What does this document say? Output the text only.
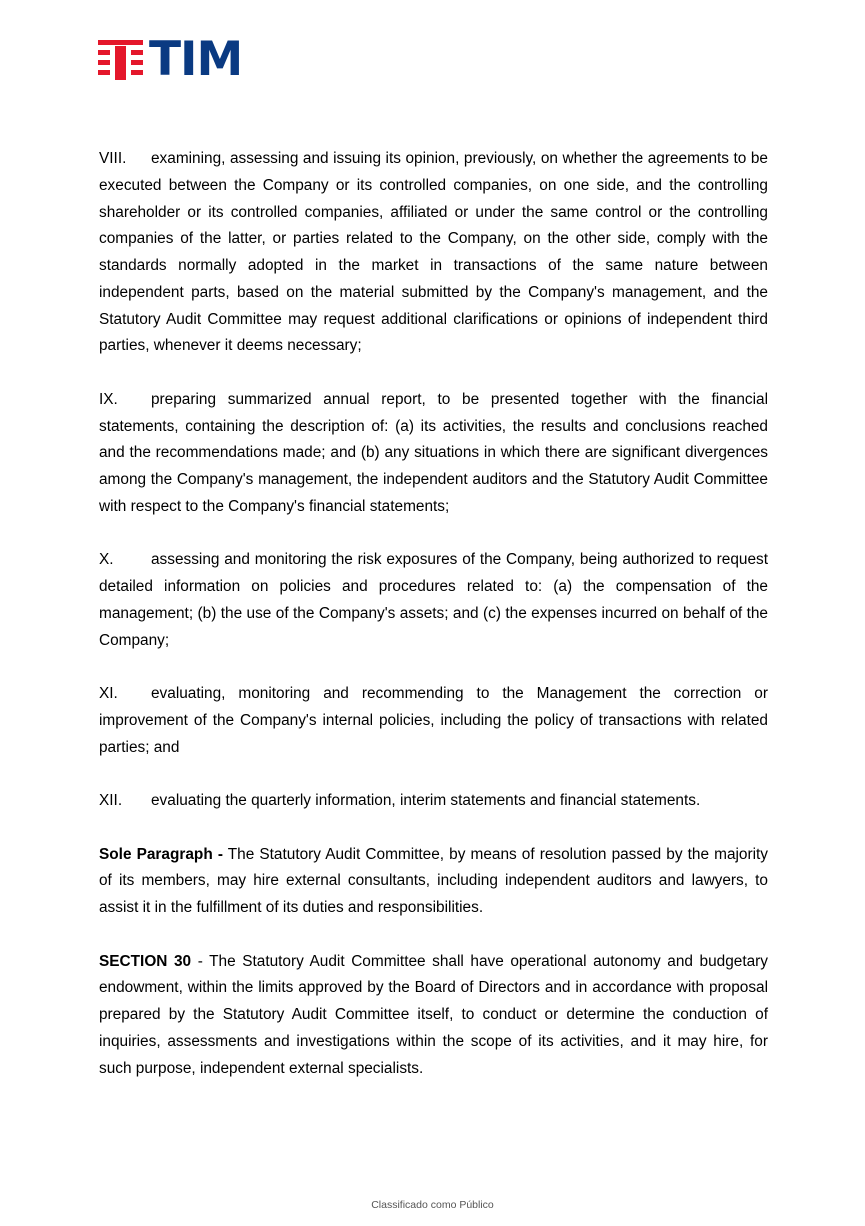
TIM

VIII. examining, assessing and issuing its opinion, previously, on whether the agreements to be executed between the Company or its controlled companies, on one side, and the controlling shareholder or its controlled companies, affiliated or under the same control or the controlling companies of the latter, or parties related to the Company, on the other side, comply with the standards normally adopted in the market in transactions of the same nature between independent parts, based on the material submitted by the Company's management, and the Statutory Audit Committee may request additional clarifications or opinions of independent third parties, whenever it deems necessary;

IX. preparing summarized annual report, to be presented together with the financial statements, containing the description of: (a) its activities, the results and conclusions reached and the recommendations made; and (b) any situations in which there are significant divergences among the Company's management, the independent auditors and the Statutory Audit Committee with respect to the Company's financial statements;

X. assessing and monitoring the risk exposures of the Company, being authorized to request detailed information on policies and procedures related to: (a) the compensation of the management; (b) the use of the Company's assets; and (c) the expenses incurred on behalf of the Company;

XI. evaluating, monitoring and recommending to the Management the correction or improvement of the Company's internal policies, including the policy of transactions with related parties; and

XII. evaluating the quarterly information, interim statements and financial statements.

Sole Paragraph - The Statutory Audit Committee, by means of resolution passed by the majority of its members, may hire external consultants, including independent auditors and lawyers, to assist it in the fulfillment of its duties and responsibilities.

SECTION 30 - The Statutory Audit Committee shall have operational autonomy and budgetary endowment, within the limits approved by the Board of Directors and in accordance with proposal prepared by the Statutory Audit Committee itself, to conduct or determine the conduction of inquiries, assessments and investigations within the scope of its activities, and it may hire, for such purpose, independent external specialists.

Classificado como Público
